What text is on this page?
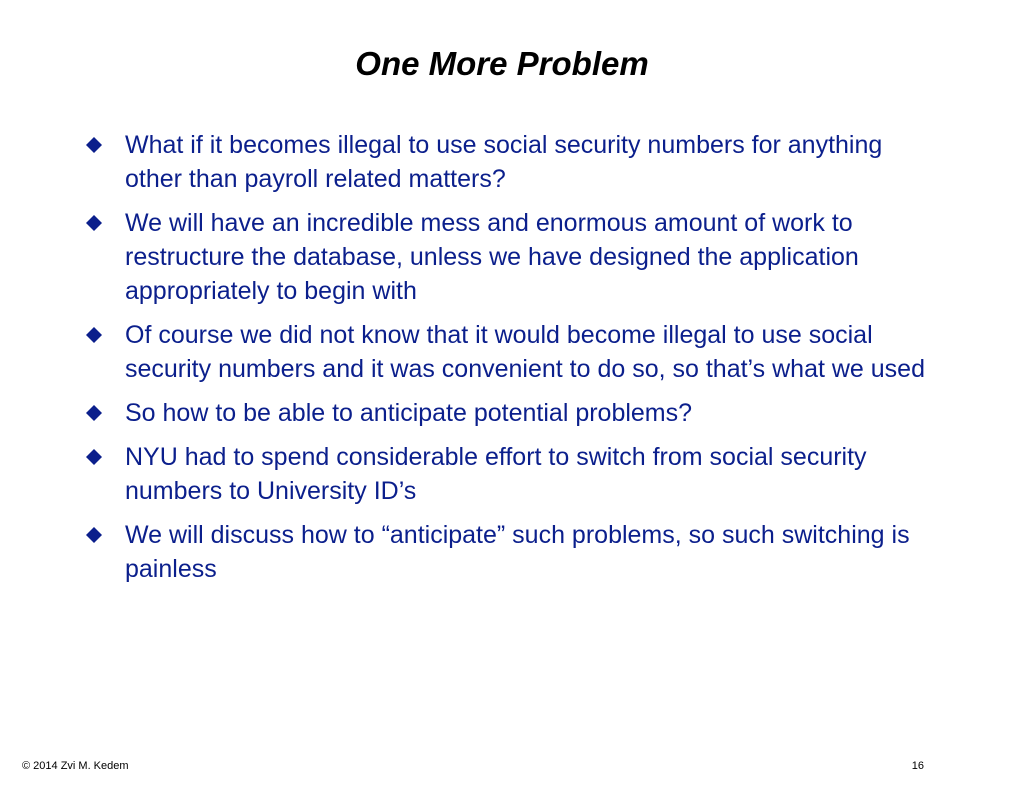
One More Problem
What if it becomes illegal to use social security numbers for anything other than payroll related matters?
We will have an incredible mess and enormous amount of work to restructure the database, unless we have designed the application appropriately to begin with
Of course we did not know that it would become illegal to use social security numbers and it was convenient to do so, so that’s what we used
So how to be able to anticipate potential problems?
NYU had to spend considerable effort to switch from social security numbers to University ID’s
We will discuss how to “anticipate” such problems, so such switching is painless
© 2014 Zvi M. Kedem	16
